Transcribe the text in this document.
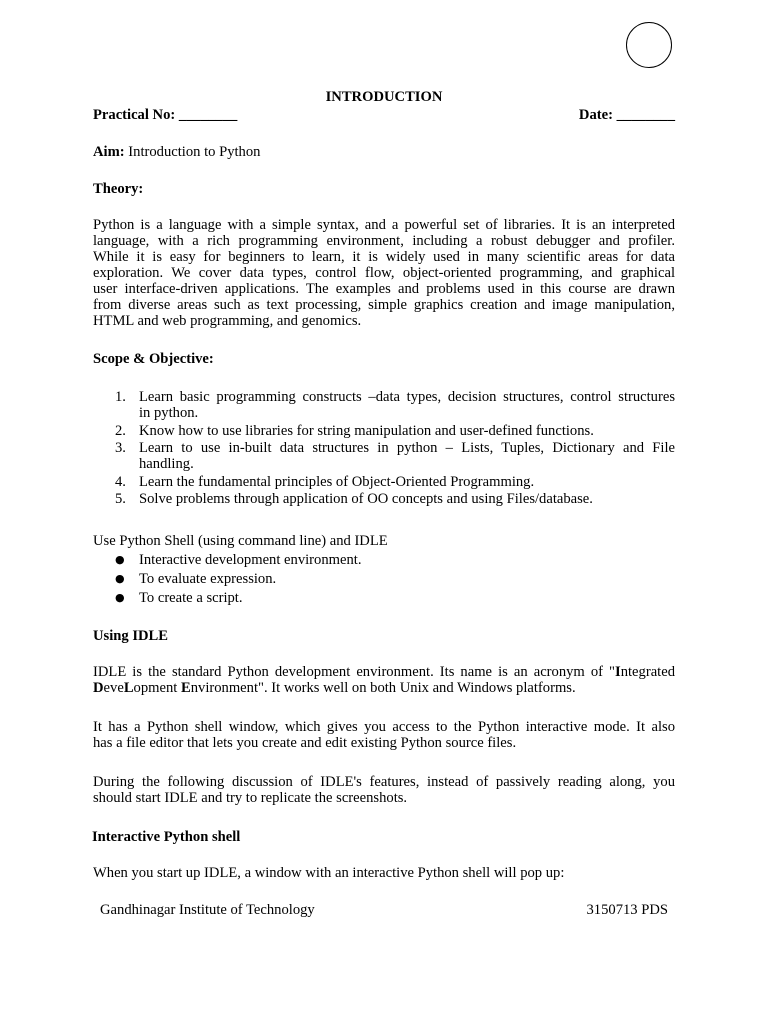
INTRODUCTION
Practical No: ________	Date: ________
Aim: Introduction to Python
Theory:
Python is a language with a simple syntax, and a powerful set of libraries. It is an interpreted
language, with a rich programming environment, including a robust debugger and profiler.
While it is easy for beginners to learn, it is widely used in many scientific areas for data
exploration. We cover data types, control flow, object-oriented programming, and graphical
user interface-driven applications. The examples and problems used in this course are drawn
from diverse areas such as text processing, simple graphics creation and image manipulation,
HTML and web programming, and genomics.
Scope & Objective:
1. Learn basic programming constructs –data types, decision structures, control structures
in python.
2. Know how to use libraries for string manipulation and user-defined functions.
3. Learn to use in-built data structures in python – Lists, Tuples, Dictionary and File
handling.
4. Learn the fundamental principles of Object-Oriented Programming.
5. Solve problems through application of OO concepts and using Files/database.
Use Python Shell (using command line) and IDLE
● Interactive development environment.
● To evaluate expression.
● To create a script.
Using IDLE
IDLE is the standard Python development environment. Its name is an acronym of "Integrated
DeveLopment Environment". It works well on both Unix and Windows platforms.
It has a Python shell window, which gives you access to the Python interactive mode. It also
has a file editor that lets you create and edit existing Python source files.
During the following discussion of IDLE's features, instead of passively reading along, you
should start IDLE and try to replicate the screenshots.
Interactive Python shell
When you start up IDLE, a window with an interactive Python shell will pop up:
Gandhinagar Institute of Technology	3150713 PDS
